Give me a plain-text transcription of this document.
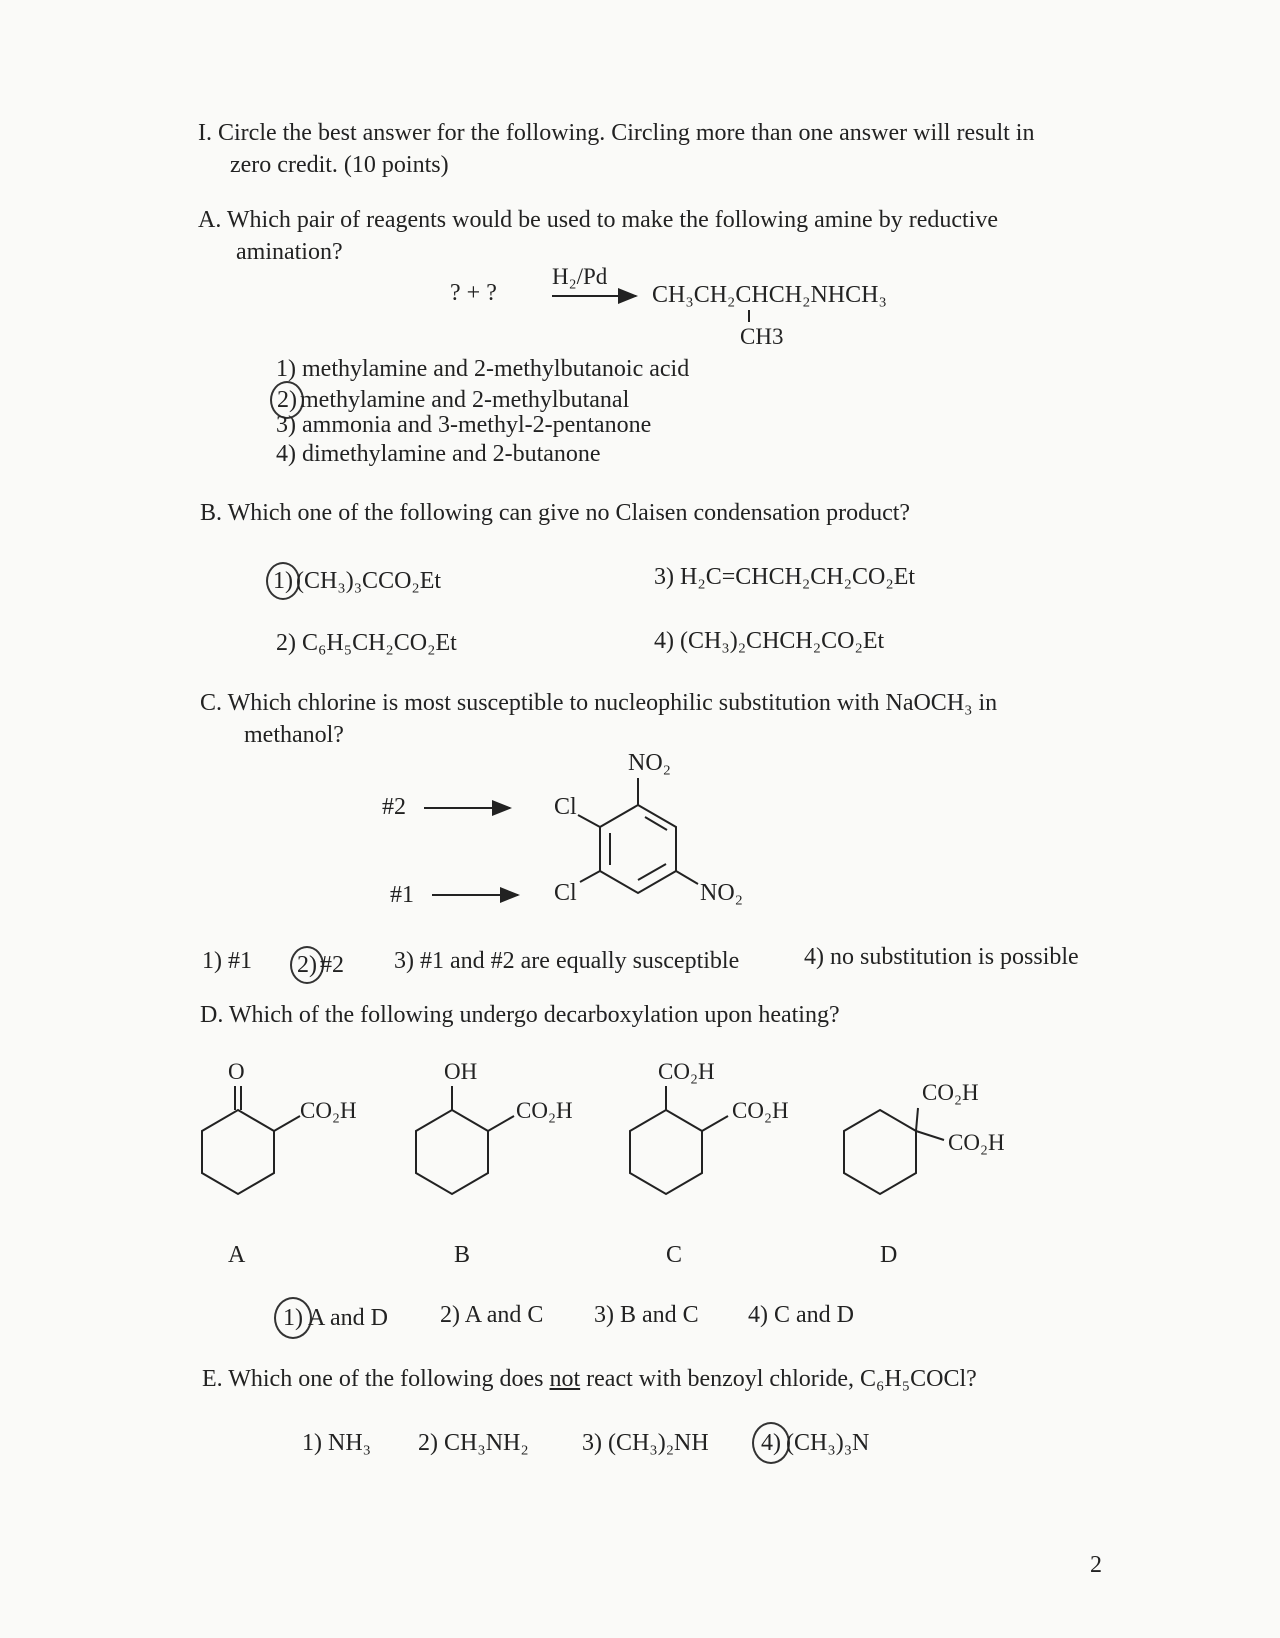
I. Circle the best answer for the following. Circling more than one answer will result in
zero credit. (10 points)
A. Which pair of reagents would be used to make the following amine by reductive
amination?
? + ?
H₂/Pd
CH₃CH₂CHCH₂NHCH₃
CH3
1) methylamine and 2-methylbutanoic acid
2) methylamine and 2-methylbutanal
3) ammonia and 3-methyl-2-pentanone
4) dimethylamine and 2-butanone
B. Which one of the following can give no Claisen condensation product?
1) (CH₃)₃CCO₂Et	3) H₂C=CHCH₂CH₂CO₂Et
2) C₆H₅CH₂CO₂Et	4) (CH₃)₂CHCH₂CO₂Et
C. Which chlorine is most susceptible to nucleophilic substitution with NaOCH₃ in
methanol?
NO₂
#2	Cl
#1	Cl	NO₂
1) #1 2) #2 3) #1 and #2 are equally susceptible	4) no substitution is possible
D. Which of the following undergo decarboxylation upon heating?
O
CO₂H
OH
CO₂H
CO₂H
CO₂H
CO₂H
CO₂H
A	B	C	D
1) A and D 2) A and C 3) B and C 4) C and D
E. Which one of the following does not react with benzoyl chloride, C₆H₅COCl?
1) NH₃ 2) CH₃NH₂ 3) (CH₃)₂NH	4) (CH₃)₃N
2
